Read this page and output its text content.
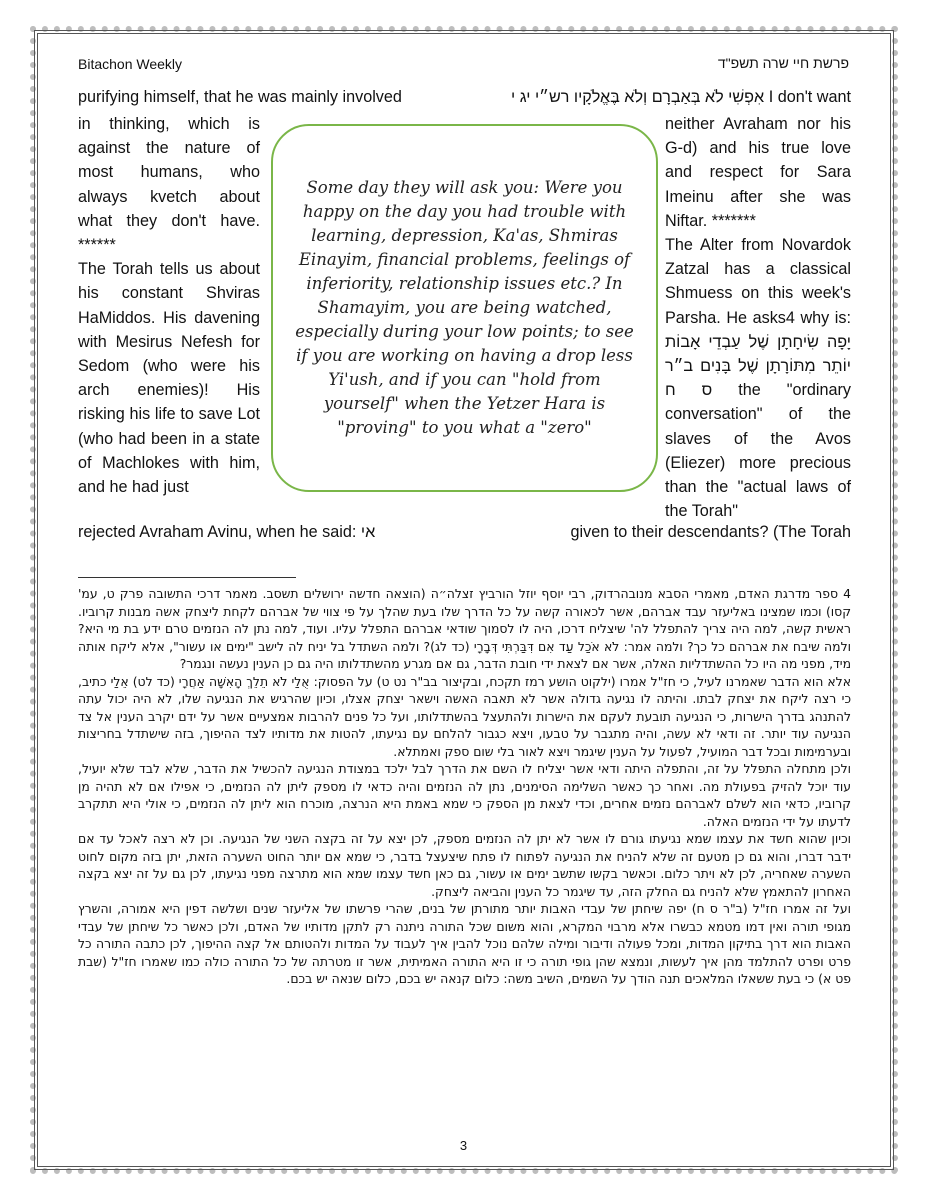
Bitachon Weekly	פרשת חיי שרה תשפ"ד
purifying himself, that he was mainly involved	אִפְשִׁי לֹא בְּאַבְרָם וְלֹא בֶּאֱלֹקָיו רש״י יג י I don't want

in thinking, which is against the nature of most humans, who always kvetch about what they don't have. ******

The Torah tells us about his constant Shviras HaMiddos. His davening with Mesirus Nefesh for Sedom (who were his arch enemies)! His risking his life to save Lot (who had been in a state of Machlokes with him, and he had just

Some day they will ask you: Were you happy on the day you had trouble with learning, depression, Ka'as, Shmiras Einayim, financial problems, feelings of inferiority, relationship issues etc.? In Shamayim, you are being watched, especially during your low points; to see if you are working on having a drop less Yi'ush, and if you can "hold from yourself" when the Yetzer Hara is "proving" to you what a "zero"

neither Avraham nor his G-d) and his true love and respect for Sara Imeinu after she was Niftar. *******

The Alter from Novardok Zatzal has a classical Shmuess on this week's Parsha. He asks4 why is: יָפָה שִׂיחָתָן שֶׁל עַבְדֵי אָבוֹת יוֹתֵר מִתּוֹרָתָן שֶׁל בָּנִים ב״ר ס ח the "ordinary conversation" of the slaves of the Avos (Eliezer) more precious than the "actual laws of the Torah"

rejected Avraham Avinu, when he said: אי	given to their descendants? (The Torah

4 ספר מדרגת האדם, מאמרי הסבא מנובהרדוק, רבי יוסף יוזל הורביץ זצלה״ה (הוצאה חדשה ירושלים תשסב. מאמר דרכי התשובה פרק ט, עמ' קסו) וכמו שמצינו באליעזר עבד אברהם, אשר לכאורה קשה על כל הדרך שלו בעת שהלך על פי צווי של אברהם לקחת ליצחק אשה מבנות קרוביו. ראשית קשה, למה היה צריך להתפלל לה' שיצליח דרכו, היה לו לסמוך שודאי אברהם התפלל עליו. ועוד, למה נתן לה הנזמים טרם ידע בת מי היא? ולמה שיבח את אברהם כל כך? ולמה אמר: לֹא אֹכַל עַד אִם דִּבַּרְתִּי דְּבָרָי (כד לג)? ולמה השתדל בל יניח לה לישב "ימים או עשור", אלא ליקח אותה מיד, מפני מה היו כל ההשתדליות האלה, אשר אם לצאת ידי חובת הדבר, גם אם מגרע מהשתדלותו היה גם כן הענין נעשה ונגמר?

אלא הוא הדבר שאמרנו לעיל, כי חז"ל אמרו (ילקוט הושע רמז תקכח, ובקיצור בב"ר נט ט) על הפסוק: אֻלַי לֹא תֵלֵךְ הָאִשָּׁה אַחֲרָי (כד לט) אֵלַי כתיב, כי רצה ליקח את יצחק לבתו. והיתה לו נגיעה גדולה אשר לא תאבה האשה וישאר יצחק אצלו, וכיון שהרגיש את הנגיעה שלו, לא היה יכול עתה להתנהג בדרך הישרות, כי הנגיעה תובעת לעקם את הישרות ולהתעצל בהשתדלותו, ועל כל פנים להרבות אמצעיים אשר על ידם יקרב הענין אל צד הנגיעה עוד יותר. זה ודאי לא עשה, והיה מתגבר על טבעו, ויצא כגבור להלחם עם נגיעתו, להטות את מדותיו לצד ההיפוך, בזה שישתדל בחריצות ובערמימות ובכל דבר המועיל, לפעול על הענין שיגמר ויצא לאור בלי שום ספק ואמתלא.

ולכן מתחלה התפלל על זה, והתפלה היתה ודאי אשר יצליח לו השם את הדרך לבל ילכד במצודת הנגיעה להכשיל את הדבר, שלא לבד שלא יועיל, עוד יוכל להזיק בפעולת מה. ואחר כך כאשר השלימה הסימנים, נתן לה הנזמים והיה כדאי לו מספק ליתן לה הנזמים, כי אפילו אם לא תהיה מן קרוביו, כדאי הוא לשלם לאברהם נזמים אחרים, וכדי לצאת מן הספק כי שמא באמת היא הנרצה, מוכרח הוא ליתן לה הנזמים, כי אולי היא תתקרב לדעתו על ידי הנזמים האלה.

וכיון שהוא חשד את עצמו שמא נגיעתו גורם לו אשר לא יתן לה הנזמים מספק, לכן יצא על זה בקצה השני של הנגיעה. וכן לא רצה לאכל עד אם ידבר דברו, והוא גם כן מטעם זה שלא להניח את הנגיעה לפתוח לו פתח שיצעצל בדבר, כי שמא אם יותר החוט השערה הזאת, יתן בזה מקום לחוט השערה שאחריה, לכן לא ויתר כלום. וכאשר בקשו שתשב ימים או עשור, גם כאן חשד עצמו שמא הוא מתרצה מפני נגיעתו, לכן גם על זה יצא בקצה האחרון להתאמץ שלא להניח גם החלק הזה, עד שיגמר כל הענין והביאה ליצחק.

ועל זה אמרו חז"ל (ב"ר ס ח) יפה שיחתן של עבדי האבות יותר מתורתן של בנים, שהרי פרשתו של אליעזר שנים ושלשה דפין היא אמורה, והשרץ מגופי תורה ואין דמו מטמא כבשרו אלא מרבוי המקרא, והוא משום שכל התורה ניתנה רק לתקן מדותיו של האדם, ולכן כאשר כל שיחתן של עבדי האבות הוא דרך בתיקון המדות, ומכל פעולה ודיבור ומילה שלהם נוכל להבין איך לעבוד על המדות ולהטותם אל קצה ההיפוך, לכן כתבה התורה כל פרט ופרט להתלמד מהן איך לעשות, ונמצא שהן גופי תורה כי זו היא התורה האמיתית, אשר זו מטרתה של כל התורה כולה כמו שאמרו חז"ל (שבת פט א) כי בעת ששאלו המלאכים תנה הודך על השמים, השיב משה: כלום קנאה יש בכם, כלום שנאה יש בכם.

3
